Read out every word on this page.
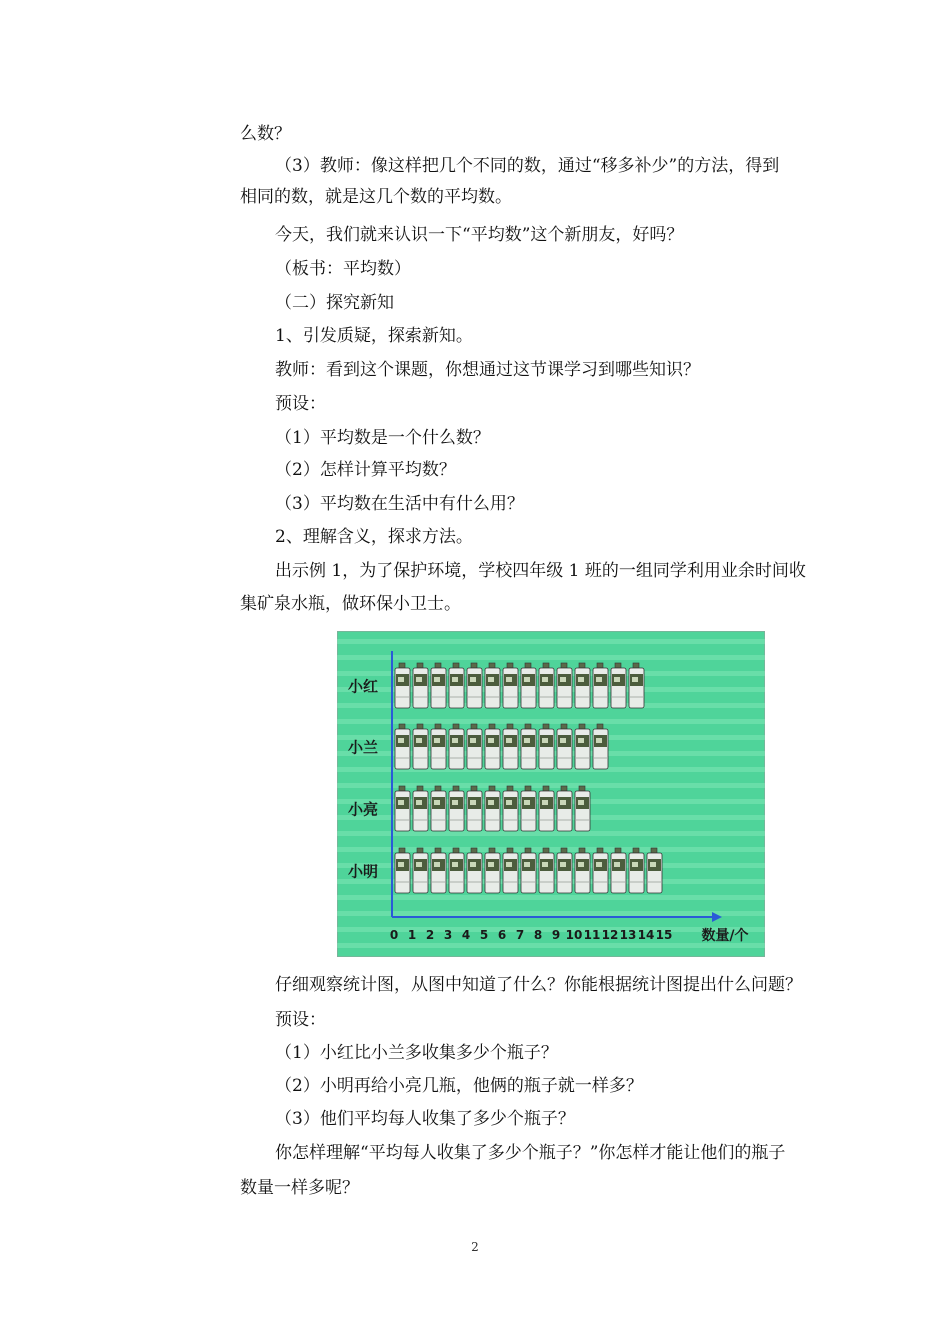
么数？
（3）教师：像这样把几个不同的数，通过“移多补少”的方法，得到
相同的数，就是这几个数的平均数。
今天，我们就来认识一下“平均数”这个新朋友，好吗？
（板书：平均数）
（二）探究新知
1、引发质疑，探索新知。
教师：看到这个课题，你想通过这节课学习到哪些知识？
预设：
（1）平均数是一个什么数？
（2）怎样计算平均数？
（3）平均数在生活中有什么用？
2、理解含义，探求方法。
出示例 1，为了保护环境，学校四年级 1 班的一组同学利用业余时间收
集矿泉水瓶，做环保小卫士。
小红
小兰
小亮
小明
0 1 2 3 4 5 6 7 8 9 10 11 12 13 14 15 数量/个
仔细观察统计图，从图中知道了什么？你能根据统计图提出什么问题？
预设：
（1）小红比小兰多收集多少个瓶子？
（2）小明再给小亮几瓶，他俩的瓶子就一样多？
（3）他们平均每人收集了多少个瓶子？
你怎样理解“平均每人收集了多少个瓶子？”你怎样才能让他们的瓶子
数量一样多呢？
2
